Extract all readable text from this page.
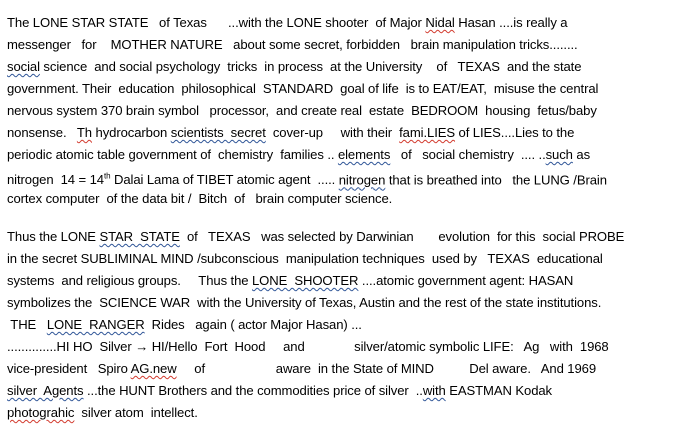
The LONE STAR STATE   of Texas      ...with the LONE shooter  of Major Nidal Hasan ....is really a
messenger   for    MOTHER NATURE   about some secret, forbidden   brain manipulation tricks........
social science  and social psychology  tricks  in process  at the University    of   TEXAS  and the state
government. Their  education  philosophical  STANDARD  goal of life  is to EAT/EAT,  misuse the central
nervous system 370 brain symbol   processor,  and create real  estate  BEDROOM  housing  fetus/baby
nonsense.   Th hydrocarbon scientists  secret  cover-up     with their  fami.LIES of LIES....Lies to the
periodic atomic table government of  chemistry  families .. elements   of   social chemistry  .... ..such as
nitrogen  14 = 14th Dalai Lama of TIBET atomic agent  ..... nitrogen that is breathed into   the LUNG /Brain
cortex computer  of the data bit /  Bitch  of   brain computer science.
Thus the LONE STAR  STATE  of   TEXAS   was selected by Darwinian       evolution  for this  social PROBE
in the secret SUBLIMINAL MIND /subconscious  manipulation techniques  used by   TEXAS  educational
systems  and religious groups.     Thus the LONE  SHOOTER ....atomic government agent: HASAN
symbolizes the  SCIENCE WAR  with the University of Texas, Austin and the rest of the state institutions.
THE   LONE  RANGER  Rides   again ( actor Major Hasan) ...
..............HI HO  Silver → HI/Hello  Fort  Hood     and              silver/atomic symbolic LIFE:   Ag   with  1968
vice-president   Spiro AG.new     of                    aware  in the State of MIND          Del aware.   And 1969
silver  Agents ...the HUNT Brothers and the commodities price of silver  ..with EASTMAN Kodak
photograhic  silver atom  intellect.
